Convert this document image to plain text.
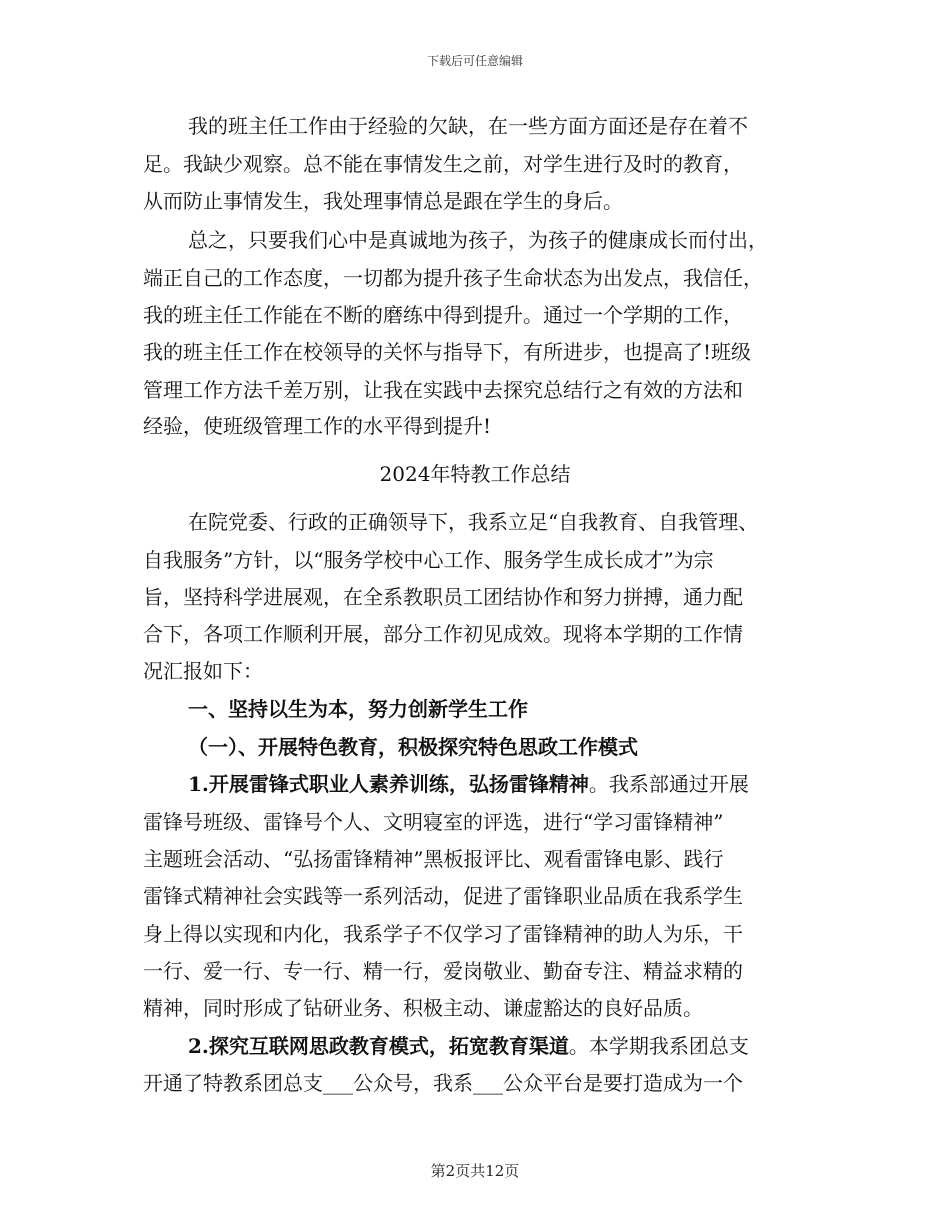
下载后可任意编辑
我的班主任工作由于经验的欠缺，在一些方面方面还是存在着不
足。我缺少观察。总不能在事情发生之前，对学生进行及时的教育，
从而防止事情发生，我处理事情总是跟在学生的身后。
总之，只要我们心中是真诚地为孩子，为孩子的健康成长而付出，
端正自己的工作态度，一切都为提升孩子生命状态为出发点，我信任，
我的班主任工作能在不断的磨练中得到提升。通过一个学期的工作，
我的班主任工作在校领导的关怀与指导下，有所进步，也提高了!班级
管理工作方法千差万别，让我在实践中去探究总结行之有效的方法和
经验，使班级管理工作的水平得到提升!
2024年特教工作总结
在院党委、行政的正确领导下，我系立足“自我教育、自我管理、
自我服务”方针，以“服务学校中心工作、服务学生成长成才”为宗
旨，坚持科学进展观，在全系教职员工团结协作和努力拼搏，通力配
合下，各项工作顺利开展，部分工作初见成效。现将本学期的工作情
况汇报如下：
一、坚持以生为本，努力创新学生工作
（一）、开展特色教育，积极探究特色思政工作模式
1.开展雷锋式职业人素养训练，弘扬雷锋精神。我系部通过开展
雷锋号班级、雷锋号个人、文明寝室的评选，进行“学习雷锋精神”
主题班会活动、“弘扬雷锋精神”黑板报评比、观看雷锋电影、践行
雷锋式精神社会实践等一系列活动，促进了雷锋职业品质在我系学生
身上得以实现和内化，我系学子不仅学习了雷锋精神的助人为乐，干
一行、爱一行、专一行、精一行，爱岗敬业、勤奋专注、精益求精的
精神，同时形成了钻研业务、积极主动、谦虚豁达的良好品质。
2.探究互联网思政教育模式，拓宽教育渠道。本学期我系团总支
开通了特教系团总支___公众号，我系___公众平台是要打造成为一个
第2页共12页
